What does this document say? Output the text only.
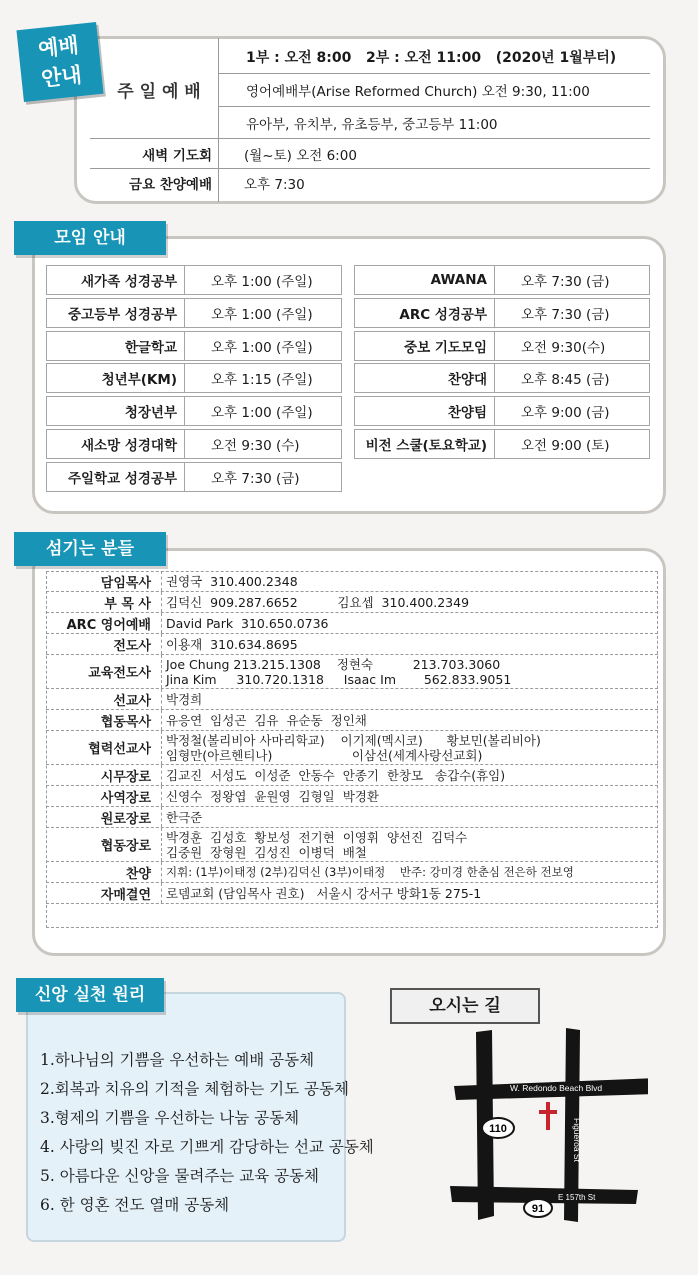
예배
안내
주 일 예 배
1부 : 오전 8:00   2부 : 오전 11:00   (2020년 1월부터)
영어예배부(Arise Reformed Church) 오전 9:30, 11:00
유아부, 유치부, 유초등부, 중고등부 11:00
새벽 기도회 (월~토) 오전 6:00
금요 찬양예배 오후 7:30
모임 안내
새가족 성경공부	오후 1:00 (주일)
중고등부 성경공부	오후 1:00 (주일)
한글학교	오후 1:00 (주일)
청년부(KM)	오후 1:15 (주일)
청장년부	오후 1:00 (주일)
새소망 성경대학	오전 9:30 (수)
주일학교 성경공부	오후 7:30 (금)
AWANA	오후 7:30 (금)
ARC 성경공부	오후 7:30 (금)
중보 기도모임	오전 9:30(수)
찬양대	오후 8:45 (금)
찬양팀	오후 9:00 (금)
비전 스쿨(토요학교)	오전 9:00 (토)
섬기는 분들
담임목사	권영국  310.400.2348
부 목 사	김덕신  909.287.6652          김요셉  310.400.2349
ARC 영어예배	David Park  310.650.0736
전도사	이용재  310.634.8695
교육전도사
Joe Chung 213.215.1308    정현숙          213.703.3060
Jina Kim     310.720.1318     Isaac Im       562.833.9051
선교사	박경희
협동목사	유응연  임성곤  김유  유순동  정인채
협력선교사
박정철(볼리비아 사마리학교)    이기제(멕시코)      황보민(볼리비아)
임형만(아르헨티나)                    이삼선(세계사랑선교회)
시무장로	김교진  서성도  이성준  안동수  안종기  한창모   송갑수(휴임)
사역장로	신영수  정왕엽  윤원영  김형일  박경환
원로장로	한극준
협동장로
박경훈  김성호  황보성  전기현  이영휘  양선진  김덕수
김중원  장형원  김성진  이병덕  배철
찬양	지휘: (1부)이태정 (2부)김덕신 (3부)이태정    반주: 강미경 한춘심 전은하 전보영
자매결연	로뎀교회 (담임목사 권호)   서울시 강서구 방화1동 275-1
신앙 실천 원리
1.하나님의 기쁨을 우선하는 예배 공동체
2.회복과 치유의 기적을 체험하는 기도 공동체
3.형제의 기쁨을 우선하는 나눔 공동체
4. 사랑의 빚진 자로 기쁘게 감당하는 선교 공동체
5. 아름다운 신앙을 물려주는 교육 공동체
6. 한 영혼 전도 열매 공동체
오시는 길
W. Redondo Beach Blvd
Figueroa St
E 157th St
110
91
